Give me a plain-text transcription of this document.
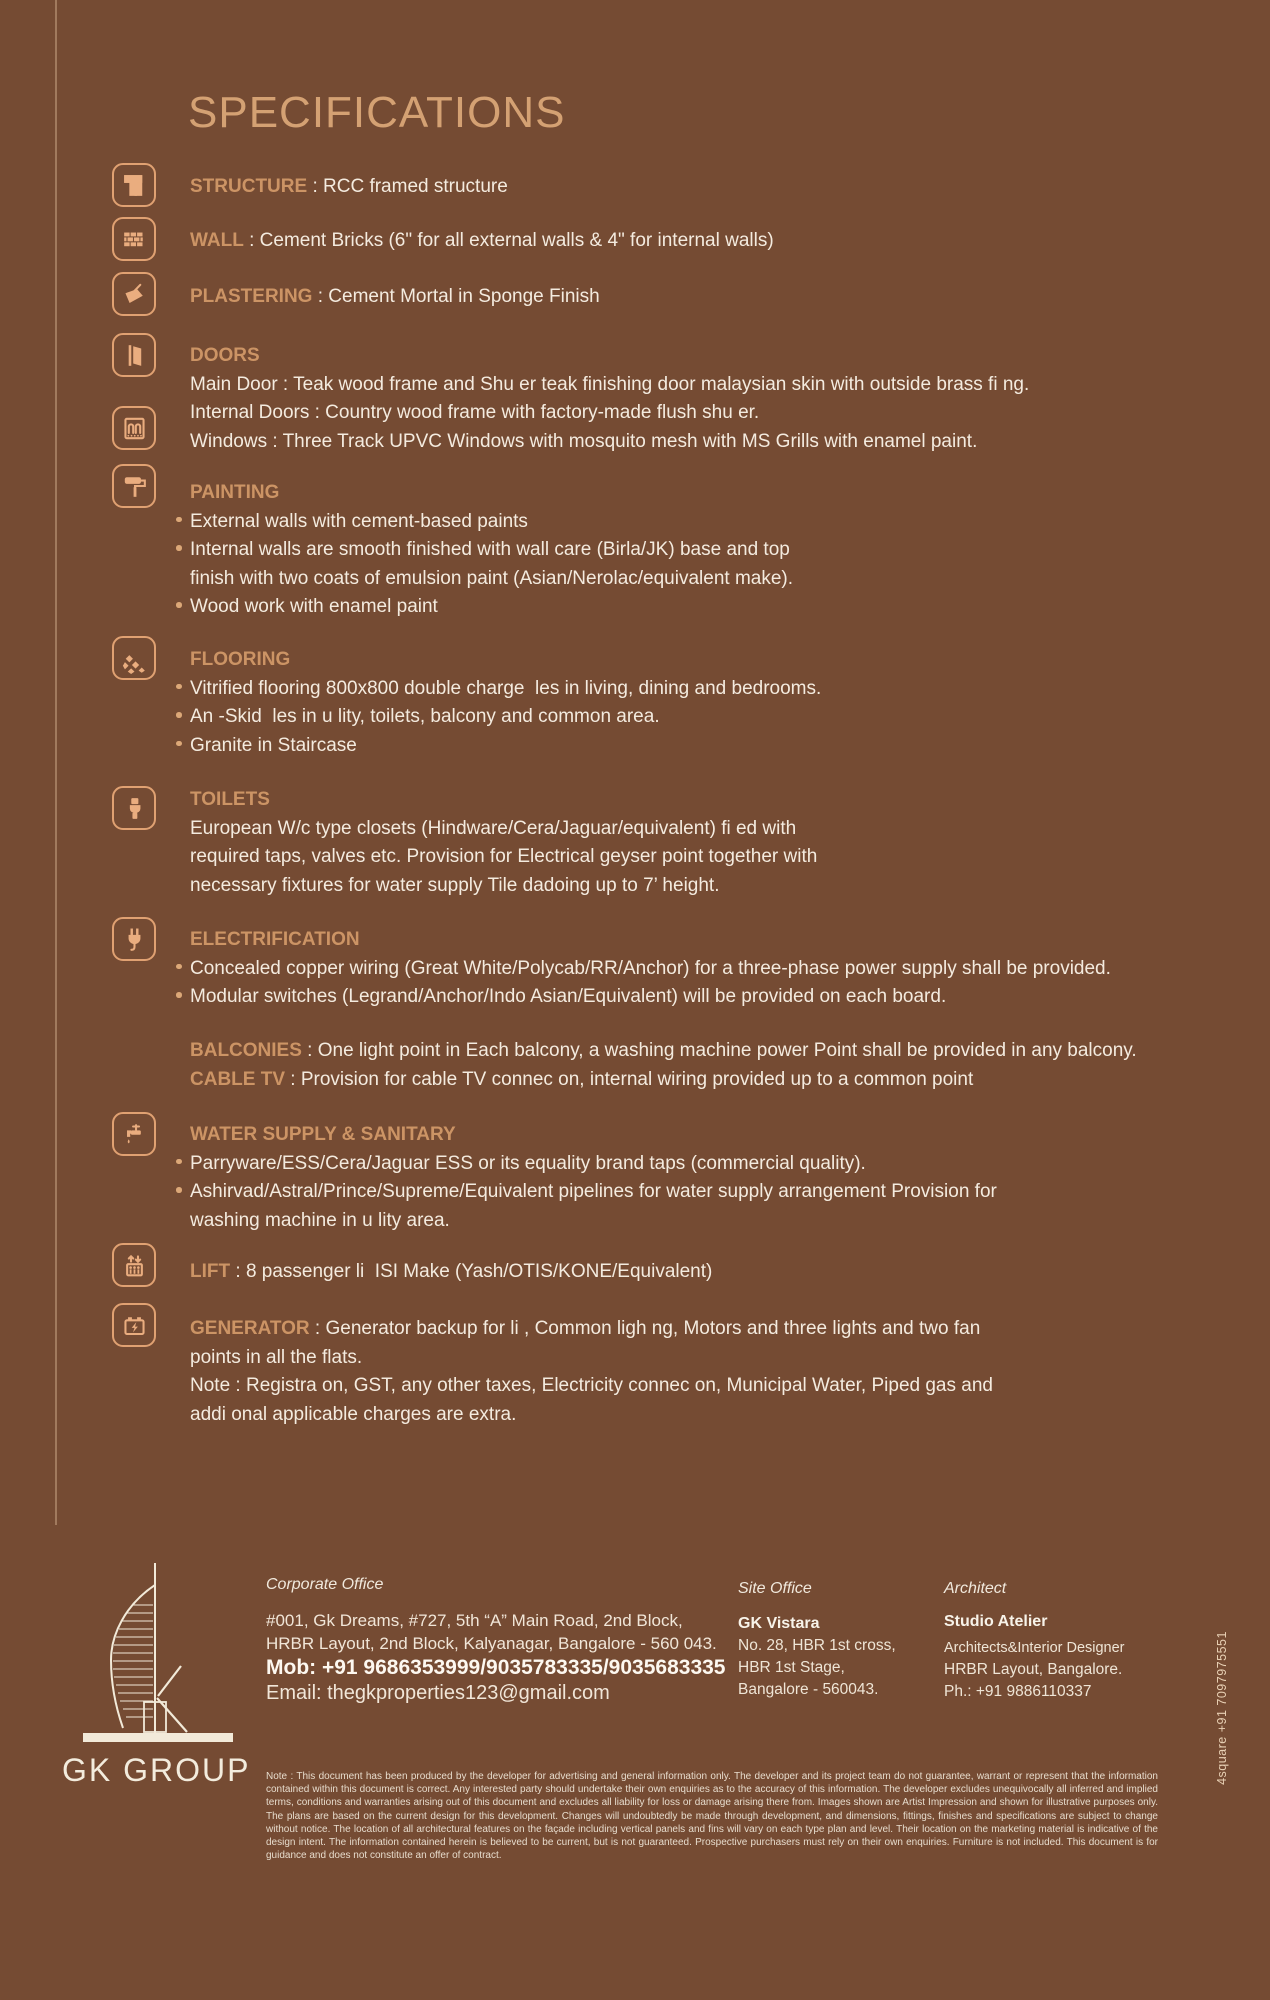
SPECIFICATIONS
STRUCTURE : RCC framed structure
WALL : Cement Bricks (6" for all external walls & 4" for internal walls)
PLASTERING : Cement Mortal in Sponge Finish
DOORS
Main Door : Teak wood frame and Shu er teak finishing door malaysian skin with outside brass fi ng.
Internal Doors : Country wood frame with factory-made flush shu er.
Windows : Three Track UPVC Windows with mosquito mesh with MS Grills with enamel paint.
PAINTING
External walls with cement-based paints
Internal walls are smooth finished with wall care (Birla/JK) base and top
finish with two coats of emulsion paint (Asian/Nerolac/equivalent make).
Wood work with enamel paint
FLOORING
Vitrified flooring 800x800 double charge  les in living, dining and bedrooms.
An -Skid  les in u lity, toilets, balcony and common area.
Granite in Staircase
TOILETS
European W/c type closets (Hindware/Cera/Jaguar/equivalent) fi ed with
required taps, valves etc. Provision for Electrical geyser point together with
necessary fixtures for water supply Tile dadoing up to 7’ height.
ELECTRIFICATION
Concealed copper wiring (Great White/Polycab/RR/Anchor) for a three-phase power supply shall be provided.
Modular switches (Legrand/Anchor/Indo Asian/Equivalent) will be provided on each board.
BALCONIES : One light point in Each balcony, a washing machine power Point shall be provided in any balcony.
CABLE TV : Provision for cable TV connec on, internal wiring provided up to a common point
WATER SUPPLY & SANITARY
Parryware/ESS/Cera/Jaguar ESS or its equality brand taps (commercial quality).
Ashirvad/Astral/Prince/Supreme/Equivalent pipelines for water supply arrangement Provision for
washing machine in u lity area.
LIFT : 8 passenger li  ISI Make (Yash/OTIS/KONE/Equivalent)
GENERATOR : Generator backup for li , Common ligh ng, Motors and three lights and two fan
points in all the flats.
Note : Registra on, GST, any other taxes, Electricity connec on, Municipal Water, Piped gas and
addi onal applicable charges are extra.
GK GROUP
Corporate Office
#001, Gk Dreams, #727, 5th “A” Main Road, 2nd Block,
HRBR Layout, 2nd Block, Kalyanagar, Bangalore - 560 043.
Mob: +91 9686353999/9035783335/9035683335
Email: thegkproperties123@gmail.com
Site Office
GK Vistara
No. 28, HBR 1st cross,
HBR 1st Stage,
Bangalore - 560043.
Architect
Studio Atelier
Architects&Interior Designer
HRBR Layout, Bangalore.
Ph.: +91 9886110337	4square +91 7097975551
Note : This document has been produced by the developer for advertising and general information only. The developer and its project team do not guarantee, warrant or represent that the information contained within this document is correct. Any interested party should undertake their own enquiries as to the accuracy of this information. The developer excludes unequivocally all inferred and implied terms, conditions and warranties arising out of this document and excludes all liability for loss or damage arising there from. Images shown are Artist Impression and shown for illustrative purposes only. The plans are based on the current design for this development. Changes will undoubtedly be made through development, and dimensions, fittings, finishes and specifications are subject to change without notice. The location of all architectural features on the façade including vertical panels and fins will vary on each type plan and level. Their location on the marketing material is indicative of the design intent. The information contained herein is believed to be current, but is not guaranteed. Prospective purchasers must rely on their own enquiries. Furniture is not included. This document is for guidance and does not constitute an offer of contract.
